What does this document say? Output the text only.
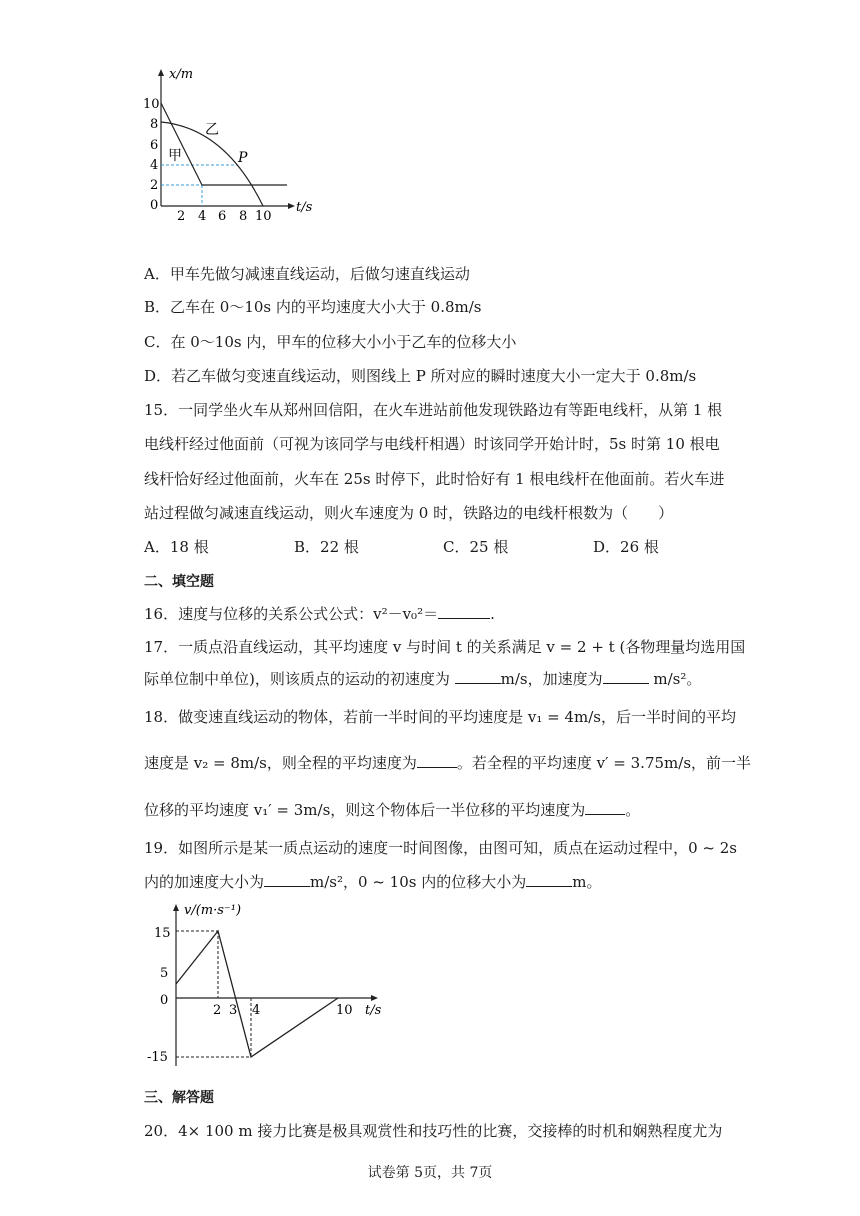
x/m
t/s
10
8
6
4
2
0
2 4 6 8 10
甲
乙
P
A．甲车先做匀减速直线运动，后做匀速直线运动
B．乙车在 0～10s 内的平均速度大小大于 0.8m/s
C．在 0～10s 内，甲车的位移大小小于乙车的位移大小
D．若乙车做匀变速直线运动，则图线上 P 所对应的瞬时速度大小一定大于 0.8m/s
15．一同学坐火车从郑州回信阳，在火车进站前他发现铁路边有等距电线杆，从第 1 根
电线杆经过他面前（可视为该同学与电线杆相遇）时该同学开始计时，5s 时第 10 根电
线杆恰好经过他面前，火车在 25s 时停下，此时恰好有 1 根电线杆在他面前。若火车进
站过程做匀减速直线运动，则火车速度为 0 时，铁路边的电线杆根数为（　　）
A．18 根	B．22 根	C．25 根	D．26 根
二、填空题
16．速度与位移的关系公式公式：v²－v₀²＝	.
17．一质点沿直线运动，其平均速度 v 与时间 t 的关系满足 v = 2 + t (各物理量均选用国
际单位制中单位)，则该质点的运动的初速度为	m/s，加速度为	m/s²。
18．做变速直线运动的物体，若前一半时间的平均速度是 v₁ = 4m/s，后一半时间的平均
速度是 v₂ = 8m/s，则全程的平均速度为	。若全程的平均速度 v′ = 3.75m/s，前一半
位移的平均速度 v₁′ = 3m/s，则这个物体后一半位移的平均速度为	。
19．如图所示是某一质点运动的速度一时间图像，由图可知，质点在运动过程中，0 ~ 2s
内的加速度大小为	m/s²，0 ~ 10s 内的位移大小为	m。
v/(m·s⁻¹)
t/s
15
5
0
-15
2 3 4	10
三、解答题
20．4× 100 m 接力比赛是极具观赏性和技巧性的比赛，交接棒的时机和娴熟程度尤为
试卷第 5页，共 7页
